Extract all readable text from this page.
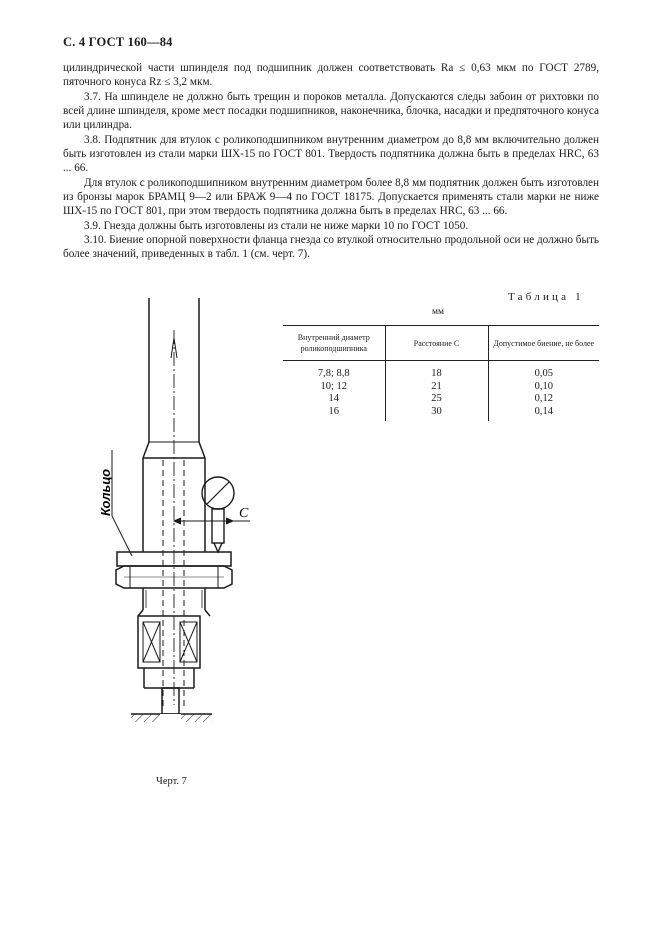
С. 4 ГОСТ 160—84

цилиндрической части шпинделя под подшипник должен соответствовать Ra ≤ 0,63 мкм по ГОСТ 2789, пяточного конуса Rz ≤ 3,2 мкм.

3.7. На шпинделе не должно быть трещин и пороков металла. Допускаются следы забоин от рихтовки по всей длине шпинделя, кроме мест посадки подшипников, наконечника, блочка, насадки и предпяточного конуса или цилиндра.

3.8. Подпятник для втулок с роликоподшипником внутренним диаметром до 8,8 мм включительно должен быть изготовлен из стали марки ШХ-15 по ГОСТ 801. Твердость подпятника должна быть в пределах HRC, 63 ... 66.

Для втулок с роликоподшипником внутренним диаметром более 8,8 мм подпятник должен быть изготовлен из бронзы марок БРАМЦ 9—2 или БРАЖ 9—4 по ГОСТ 18175. Допускается применять стали марки не ниже ШХ-15 по ГОСТ 801, при этом твердость подпятника должна быть в пределах HRC, 63 ... 66.

3.9. Гнезда должны быть изготовлены из стали не ниже марки 10 по ГОСТ 1050.

3.10. Биение опорной поверхности фланца гнезда со втулкой относительно продольной оси не должно быть более значений, приведенных в табл. 1 (см. черт. 7).

Таблица 1
мм
Внутренний диаметр роликоподшипника	Расстояние C	Допустимое биение, не более
7,8; 8,8	18	0,05
10; 12	21	0,10
14	25	0,12
16	30	0,14
C
Кольцо
Черт. 7
